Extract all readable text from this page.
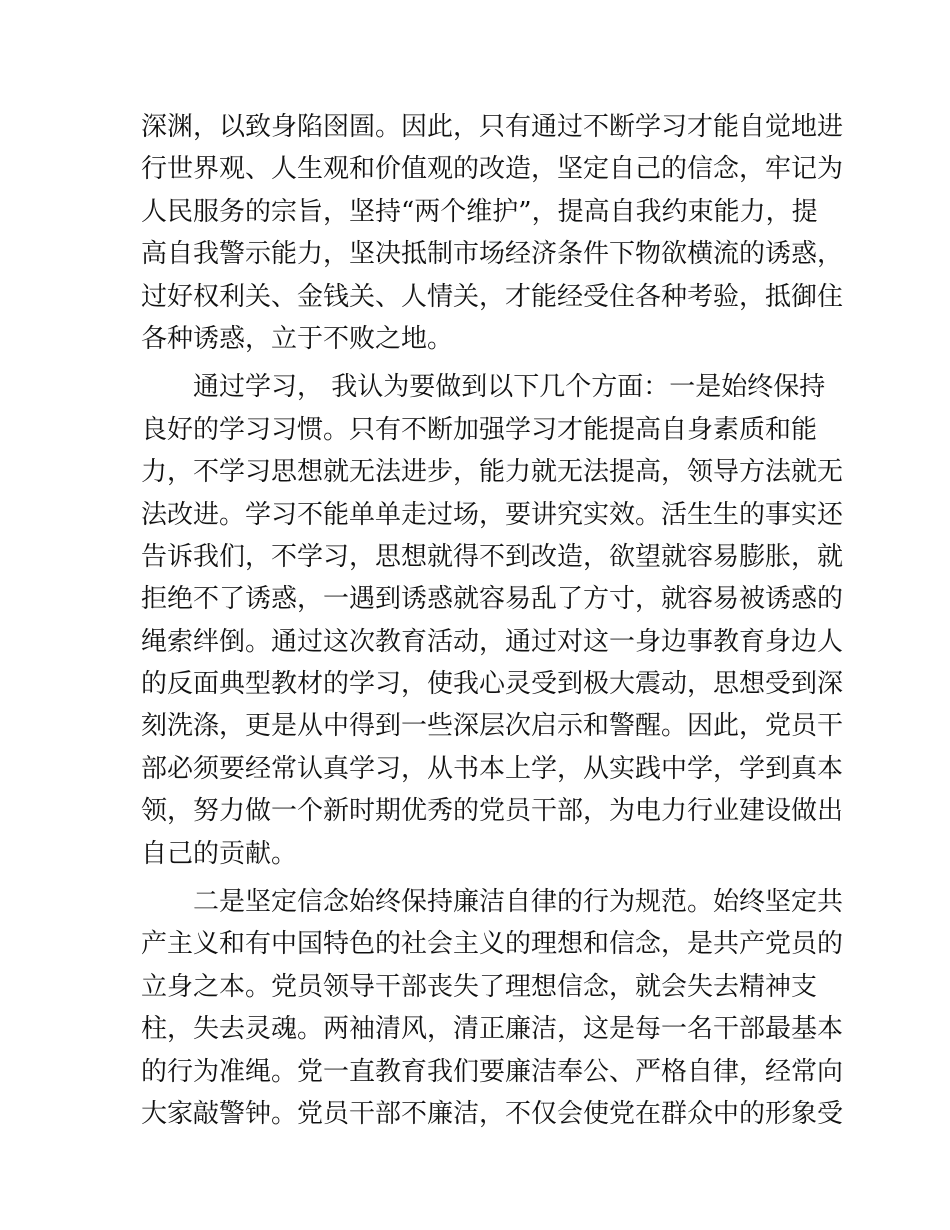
深渊，以致身陷囹圄。因此，只有通过不断学习才能自觉地进
行世界观、人生观和价值观的改造，坚定自己的信念，牢记为
人民服务的宗旨，坚持“两个维护”，提高自我约束能力，提
高自我警示能力，坚决抵制市场经济条件下物欲横流的诱惑，
过好权利关、金钱关、人情关，才能经受住各种考验，抵御住
各种诱惑，立于不败之地。
通过学习， 我认为要做到以下几个方面：一是始终保持
良好的学习习惯。只有不断加强学习才能提高自身素质和能
力，不学习思想就无法进步，能力就无法提高，领导方法就无
法改进。学习不能单单走过场，要讲究实效。活生生的事实还
告诉我们，不学习，思想就得不到改造，欲望就容易膨胀，就
拒绝不了诱惑，一遇到诱惑就容易乱了方寸，就容易被诱惑的
绳索绊倒。通过这次教育活动，通过对这一身边事教育身边人
的反面典型教材的学习，使我心灵受到极大震动，思想受到深
刻洗涤，更是从中得到一些深层次启示和警醒。因此，党员干
部必须要经常认真学习，从书本上学，从实践中学，学到真本
领，努力做一个新时期优秀的党员干部，为电力行业建设做出
自己的贡献。
二是坚定信念始终保持廉洁自律的行为规范。始终坚定共
产主义和有中国特色的社会主义的理想和信念，是共产党员的
立身之本。党员领导干部丧失了理想信念，就会失去精神支
柱，失去灵魂。两袖清风，清正廉洁，这是每一名干部最基本
的行为准绳。党一直教育我们要廉洁奉公、严格自律，经常向
大家敲警钟。党员干部不廉洁，不仅会使党在群众中的形象受
